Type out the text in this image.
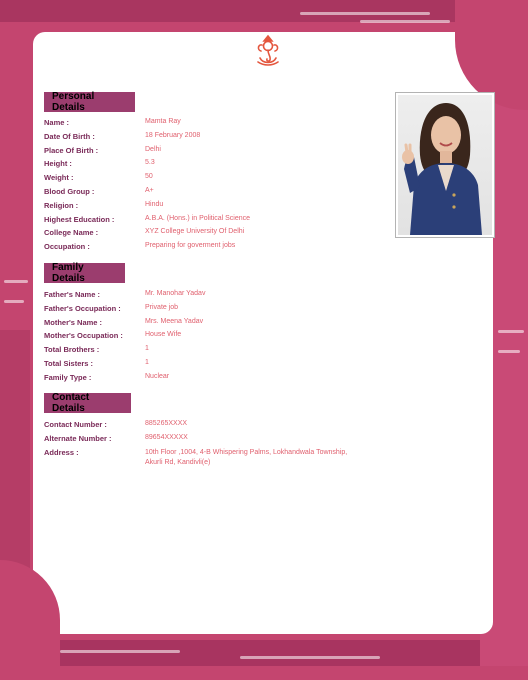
Personal Details
Name :	Mamta Ray
Date Of Birth :	18 February 2008
Place Of Birth :	Delhi
Height :	5.3
Weight :	50
Blood Group :	A+
Religion :	Hindu
Highest Education :	A.B.A. (Hons.) in Political Science
College Name :	XYZ College University Of Delhi
Occupation :	Preparing for goverment jobs
Family Details
Father's Name :	Mr. Manohar Yadav
Father's Occupation :	Private job
Mother's Name :	Mrs. Meena Yadav
Mother's Occupation :	House Wife
Total Brothers :	1
Total Sisters :	1
Family Type :	Nuclear
Contact Details
Contact Number :	885265XXXX
Alternate Number :	89654XXXXX
Address :	10th Floor ,1004, 4-B Whispering Palms, Lokhandwala Township, Akurli Rd, Kandivli(e)
